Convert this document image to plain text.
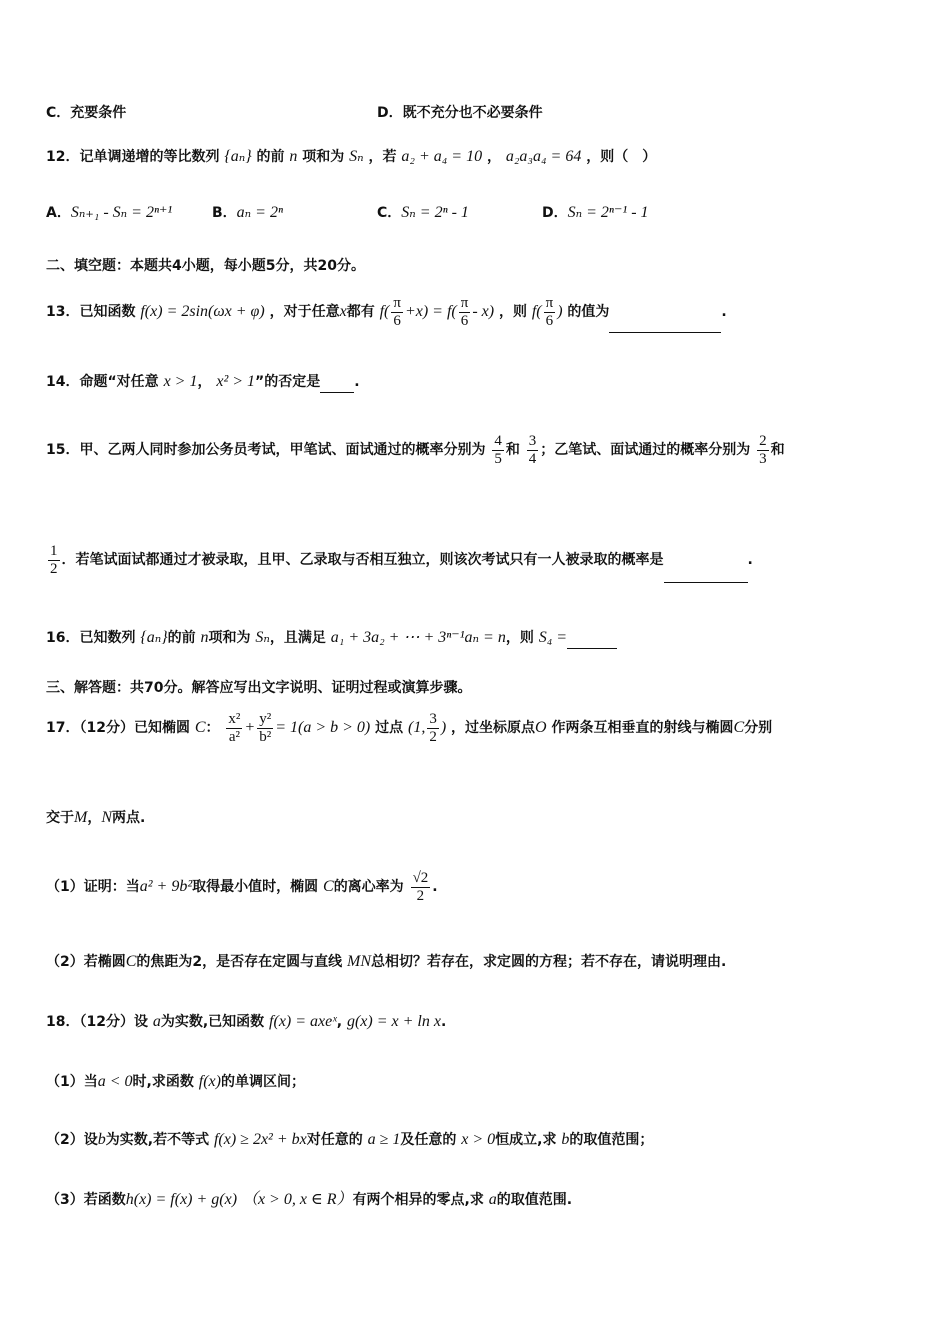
C．充要条件	D．既不充分也不必要条件
12．记单调递增的等比数列 {aₙ} 的前 n 项和为 Sₙ ，若 a₂ + a₄ = 10 ， a₂a₃a₄ = 64 ，则（　）
A．Sₙ₊₁ - Sₙ = 2ⁿ⁺¹	B．aₙ = 2ⁿ	C．Sₙ = 2ⁿ - 1	D．Sₙ = 2ⁿ⁻¹ - 1
二、填空题：本题共4小题，每小题5分，共20分。
13．已知函数 f(x) = 2sin(ωx + φ) ，对于任意x都有 $f( \frac{\pi}{6} +x) = f( \frac{\pi}{6} - x)$ ，则 $f( \frac{\pi}{6}$ ) 的值为	.
14．命题“对任意 x > 1， x² > 1”的否定是 .
15．甲、乙两人同时参加公务员考试，甲笔试、面试通过的概率分别为 $\frac{4}{5}$ 和 $\frac{3}{4}$ ；乙笔试、面试通过的概率分别为 $\frac{2}{3}$ 和
$\frac{1}{2}$ ．若笔试面试都通过才被录取，且甲、乙录取与否相互独立，则该次考试只有一人被录取的概率是	.
16．已知数列 {aₙ}的前 n项和为 Sₙ，且满足 a₁ + 3a₂ + ⋯ + 3ⁿ⁻¹aₙ = n，则 S₄ =
三、解答题：共70分。解答应写出文字说明、证明过程或演算步骤。
17．（12分）已知椭圆 C： $\frac{\text{x²}}{\text{a²}} + \frac{\text{y²}}{\text{b²}} = 1(a > b > 0)$ 过点 (1, $\frac{3}{2}$ ) ，过坐标原点O 作两条互相垂直的射线与椭圆C分别
交于M，N两点.
（1）证明：当a² + 9b²取得最小值时，椭圆 C的离心率为 $\frac{√2}{2}$ .
（2）若椭圆C的焦距为2，是否存在定圆与直线 MN总相切？若存在，求定圆的方程；若不存在，请说明理由.
18．（12分）设 a为实数,已知函数 f(x) = axeˣ, g(x) = x + ln x.
（1）当a < 0时,求函数 f(x)的单调区间；
（2）设b为实数,若不等式 f(x) ≥ 2x² + bx对任意的 a ≥ 1及任意的 x > 0恒成立,求 b的取值范围；
（3）若函数h(x) = f(x) + g(x) （x > 0, x ∈ R）有两个相异的零点,求 a的取值范围.
